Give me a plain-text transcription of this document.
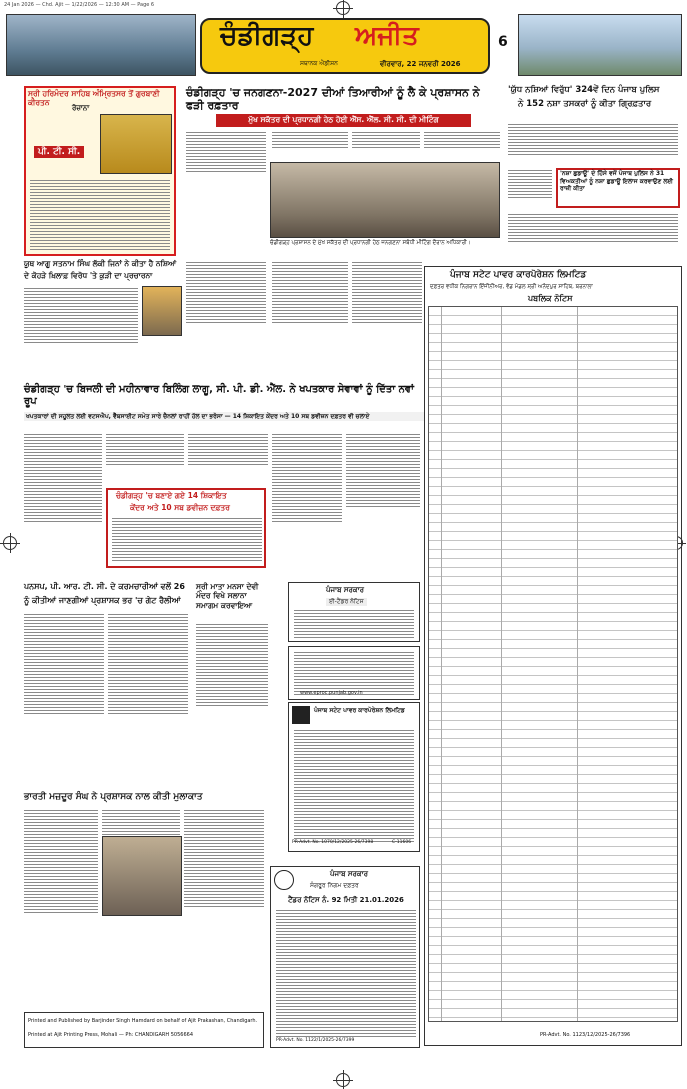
24 Jan 2026 — Chd. Ajit — 1/22/2026 — 12:30 AM — Page 6
ਚੰਡੀਗੜ੍ਹ ਅਜੀਤ
ਸਥਾਨਕ ਐਡੀਸ਼ਨ	ਵੀਰਵਾਰ, 22 ਜਨਵਰੀ 2026
6
ਸ੍ਰੀ ਹਰਿਮੰਦਰ ਸਾਹਿਬ ਅੰਮ੍ਰਿਤਸਰ ਤੋਂ ਗੁਰਬਾਣੀ ਕੀਰਤਨ
ਰੋਜ਼ਾਨਾ
ਪੀ. ਟੀ. ਸੀ.
ਯੂਥ ਆਗੂ ਸਤਨਾਮ ਸਿੰਘ ਲੱਕੀ ਜਿਨਾਂ ਨੇ ਕੀਤਾ ਹੈ ਨਸ਼ਿਆਂ
ਦੇ ਕੋਹੜੇ ਖ਼ਿਲਾਫ਼ ਵਿਰੋਧ 'ਤੇ ਕੁੜੀ ਦਾ ਪ੍ਰਚਾਰਨਾ
ਚੰਡੀਗੜ੍ਹ 'ਚ ਜਨਗਣਨਾ-2027 ਦੀਆਂ ਤਿਆਰੀਆਂ ਨੂੰ ਲੈ ਕੇ ਪ੍ਰਸ਼ਾਸਨ ਨੇ ਫੜੀ ਰਫ਼ਤਾਰ
ਮੁੱਖ ਸਕੱਤਰ ਦੀ ਪ੍ਰਧਾਨਗੀ ਹੇਠ ਹੋਈ ਐੱਸ. ਐੱਲ. ਸੀ. ਸੀ. ਦੀ ਮੀਟਿੰਗ
ਚੰਡੀਗੜ੍ਹ ਪ੍ਰਸ਼ਾਸਨ ਦੇ ਮੁੱਖ ਸਕੱਤਰ ਦੀ ਪ੍ਰਧਾਨਗੀ ਹੇਠ ਜਨਗਣਨਾ ਸਬੰਧੀ ਮੀਟਿੰਗ ਦੌਰਾਨ ਅਧਿਕਾਰੀ।
'ਯੁੱਧ ਨਸ਼ਿਆਂ ਵਿਰੁੱਧ' 324ਵੇਂ ਦਿਨ ਪੰਜਾਬ ਪੁਲਿਸ
ਨੇ 152 ਨਸ਼ਾ ਤਸਕਰਾਂ ਨੂੰ ਕੀਤਾ ਗ੍ਰਿਫ਼ਤਾਰ
'ਨਸ਼ਾ ਛੁਡਾਊ' ਦੇ ਹਿੱਸੇ ਵਜੋਂ ਪੰਜਾਬ ਪੁਲਿਸ ਨੇ 31 ਵਿਅਕਤੀਆਂ ਨੂੰ ਨਸ਼ਾ ਛੁਡਾਊ ਇਲਾਜ ਕਰਵਾਉਣ ਲਈ ਰਾਜ਼ੀ ਕੀਤਾ
ਪੰਜਾਬ ਸਟੇਟ ਪਾਵਰ ਕਾਰਪੋਰੇਸ਼ਨ ਲਿਮਟਿਡ
ਦਫ਼ਤਰ ਵਧੀਕ ਨਿਗਰਾਨ ਇੰਜੀਨੀਅਰ, ਵੰਡ ਮੰਡਲ ਸ਼੍ਰੀ ਅਨੰਦਪੁਰ ਸਾਹਿਬ, ਬਰਨਾਲਾ
ਪਬਲਿਕ ਨੋਟਿਸ
PR-Advt. No. 1123/12/2025-26/7396
ਚੰਡੀਗੜ੍ਹ 'ਚ ਬਿਜਲੀ ਦੀ ਮਹੀਨਾਵਾਰ ਬਿਲਿੰਗ ਲਾਗੂ, ਸੀ. ਪੀ. ਡੀ. ਐੱਲ. ਨੇ ਖਪਤਕਾਰ ਸੇਵਾਵਾਂ ਨੂੰ ਦਿੱਤਾ ਨਵਾਂ ਰੂਪ
ਖਪਤਕਾਰਾਂ ਦੀ ਸਹੂਲਤ ਲਈ ਵਟਸਐਪ, ਵੈੱਬਸਾਈਟ ਸਮੇਤ ਸਾਰੇ ਚੈਨਲਾਂ ਰਾਹੀਂ ਹੱਲ ਦਾ ਭਰੋਸਾ — 14 ਸ਼ਿਕਾਇਤ ਕੇਂਦਰ ਅਤੇ 10 ਸਬ ਡਵੀਜ਼ਨ ਦਫ਼ਤਰ ਵੀ ਚਲਾਏ
ਚੰਡੀਗੜ੍ਹ 'ਚ ਬਣਾਏ ਗਏ 14 ਸ਼ਿਕਾਇਤ
ਕੇਂਦਰ ਅਤੇ 10 ਸਬ ਡਵੀਜ਼ਨ ਦਫ਼ਤਰ
ਪੰਜਾਬ ਸਰਕਾਰ
ਈ-ਟੈਂਡਰ ਨੋਟਿਸ
www.eproc.punjab.gov.in
ਪੰਜਾਬ ਸਟੇਟ ਪਾਵਰ ਕਾਰਪੋਰੇਸ਼ਨ ਲਿਮਟਿਡ
PR-Advt. No. 1070/12/2025-26/7398	C-11606
ਪੰਜਾਬ ਸਰਕਾਰ
ਸੰਗਰੂਰ ਨਿਗਮ ਦਫ਼ਤਰ
ਟੈਂਡਰ ਨੋਟਿਸ ਨੰ. 92 ਮਿਤੀ 21.01.2026
PR-Advt. No. 1122/1/2025-26/7399
ਪਨਸਪ, ਪੀ. ਆਰ. ਟੀ. ਸੀ. ਦੇ ਕਰਮਚਾਰੀਆਂ ਵਲੋਂ 26
ਨੂੰ ਕੀਤੀਆਂ ਜਾਣਗੀਆਂ ਪ੍ਰਸ਼ਾਸਕ ਭਰ 'ਚ ਗੇਟ ਰੈਲੀਆਂ
ਸ੍ਰੀ ਮਾਤਾ ਮਨਸਾ ਦੇਵੀ ਮੰਦਰ ਵਿਖੇ ਸਲਾਨਾ ਸਮਾਗਮ ਕਰਵਾਇਆ
ਭਾਰਤੀ ਮਜ਼ਦੂਰ ਸੰਘ ਨੇ ਪ੍ਰਸ਼ਾਸਕ ਨਾਲ ਕੀਤੀ ਮੁਲਾਕਾਤ
Printed and Published by Barjinder Singh Hamdard on behalf of Ajit Prakashan, Chandigarh.
Printed at Ajit Printing Press, Mohali — Ph: CHANDIGARH 5056664
